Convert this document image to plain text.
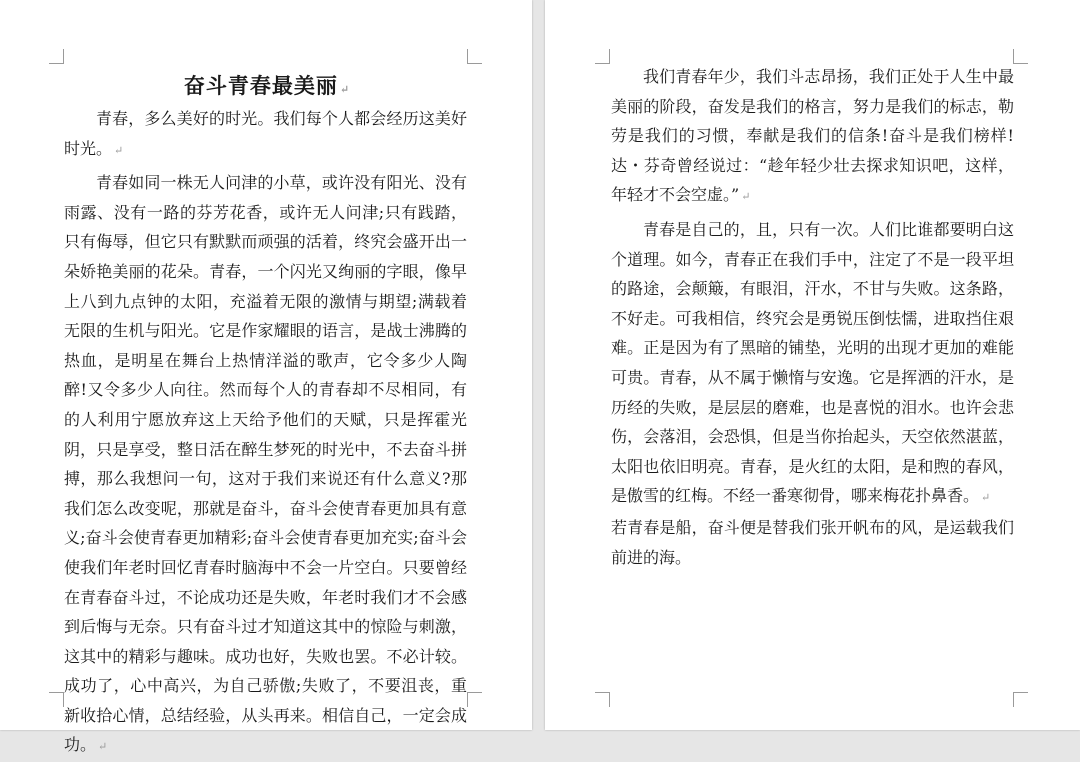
奋斗青春最美丽 ↵

青春，多么美好的时光。我们每个人都会经历这美好时光。 ↵

青春如同一株无人问津的小草，或许没有阳光、没有雨露、没有一路的芬芳花香，或许无人问津;只有践踏，只有侮辱，但它只有默默而顽强的活着，终究会盛开出一朵娇艳美丽的花朵。青春，一个闪光又绚丽的字眼，像早上八到九点钟的太阳，充溢着无限的激情与期望;满载着无限的生机与阳光。它是作家耀眼的语言，是战士沸腾的热血，是明星在舞台上热情洋溢的歌声，它令多少人陶醉!又令多少人向往。然而每个人的青春却不尽相同，有的人利用宁愿放弃这上天给予他们的天赋，只是挥霍光阴，只是享受，整日活在醉生梦死的时光中，不去奋斗拼搏，那么我想问一句，这对于我们来说还有什么意义?那我们怎么改变呢，那就是奋斗，奋斗会使青春更加具有意义;奋斗会使青春更加精彩;奋斗会使青春更加充实;奋斗会使我们年老时回忆青春时脑海中不会一片空白。只要曾经在青春奋斗过，不论成功还是失败，年老时我们才不会感到后悔与无奈。只有奋斗过才知道这其中的惊险与刺激，这其中的精彩与趣味。成功也好，失败也罢。不必计较。成功了，心中高兴，为自己骄傲;失败了，不要沮丧，重新收拾心情，总结经验，从头再来。相信自己，一定会成功。 ↵

我们青春年少，我们斗志昂扬，我们正处于人生中最美丽的阶段，奋发是我们的格言，努力是我们的标志，勒劳是我们的习惯，奉献是我们的信条!奋斗是我们榜样!达・芬奇曾经说过：“趁年轻少壮去探求知识吧，这样，年轻才不会空虚。” ↵

青春是自己的，且，只有一次。人们比谁都要明白这个道理。如今，青春正在我们手中，注定了不是一段平坦的路途，会颠簸，有眼泪，汗水，不甘与失败。这条路，不好走。可我相信，终究会是勇锐压倒怯懦，进取挡住艰难。正是因为有了黑暗的铺垫，光明的出现才更加的难能可贵。青春，从不属于懒惰与安逸。它是挥洒的汗水，是历经的失败，是层层的磨难，也是喜悦的泪水。也许会悲伤，会落泪，会恐惧，但是当你抬起头，天空依然湛蓝，太阳也依旧明亮。青春，是火红的太阳，是和煦的春风，是傲雪的红梅。不经一番寒彻骨，哪来梅花扑鼻香。 ↵

若青春是船，奋斗便是替我们张开帆布的风，是运载我们前进的海。
